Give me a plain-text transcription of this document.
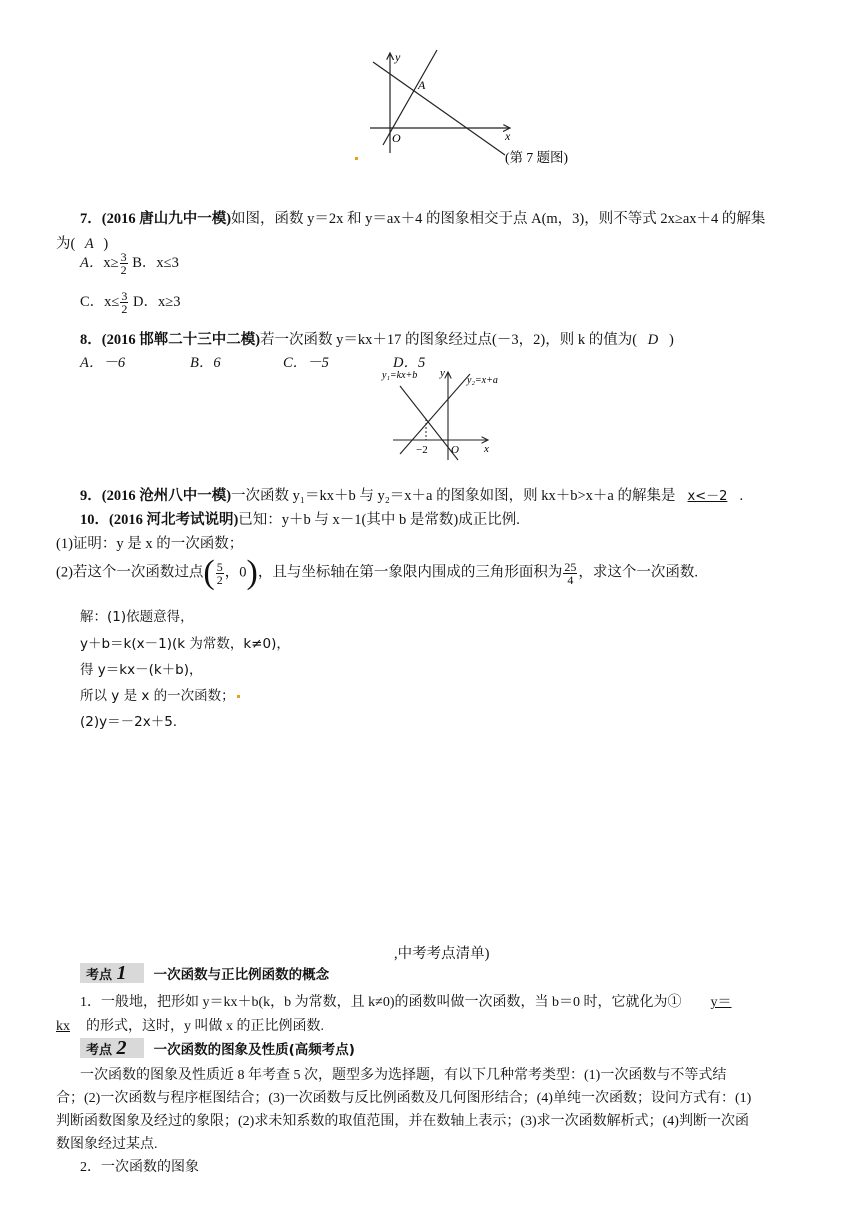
y
x
O
A
(第 7 题图)
7．(2016 唐山九中一模)如图，函数 y＝2x 和 y＝ax＋4 的图象相交于点 A(m，3)，则不等式 2x≥ax＋4 的解集
为( A )
A．$x\ge \frac{3}{2}$ B．x≤3
C．$x\le \frac{3}{2}$ D．x≥3
8．(2016 邯郸二十三中二模)若一次函数 y＝kx＋17 的图象经过点(－3，2)，则 k 的值为( D )
A．－6	B．6	C．－5	D．5
y₁=kx+b	y₂=x+a
y
x
O
−2
9．(2016 沧州八中一模)一次函数 y₁＝kx＋b 与 y₂＝x＋a 的图象如图，则 kx＋b>x＋a 的解集是 x<－2 .
10．(2016 河北考试说明)已知：y＋b 与 x－1(其中 b 是常数)成正比例.
(1)证明：y 是 x 的一次函数；
(2)若这个一次函数过点( $\frac{5}{2}$ ，0)，且与坐标轴在第一象限内围成的三角形面积为 $\frac{25}{4}$ ，求这个一次函数.
解：(1)依题意得，
y＋b＝k(x－1)(k 为常数，k≠0)，
得 y＝kx－(k＋b)，
所以 y 是 x 的一次函数；
(2)y＝－2x＋5.
,中考考点清单)
考点 1 一次函数与正比例函数的概念
1．一般地，把形如 y＝kx＋b(k，b 为常数，且 k≠0)的函数叫做一次函数，当 b＝0 时，它就化为① y＝
kx 的形式，这时，y 叫做 x 的正比例函数.
考点 2 一次函数的图象及性质(高频考点)
一次函数的图象及性质近 8 年考查 5 次，题型多为选择题，有以下几种常考类型：(1)一次函数与不等式结
合；(2)一次函数与程序框图结合；(3)一次函数与反比例函数及几何图形结合；(4)单纯一次函数；设问方式有：(1)
判断函数图象及经过的象限；(2)求未知系数的取值范围，并在数轴上表示；(3)求一次函数解析式；(4)判断一次函
数图象经过某点.
2．一次函数的图象
